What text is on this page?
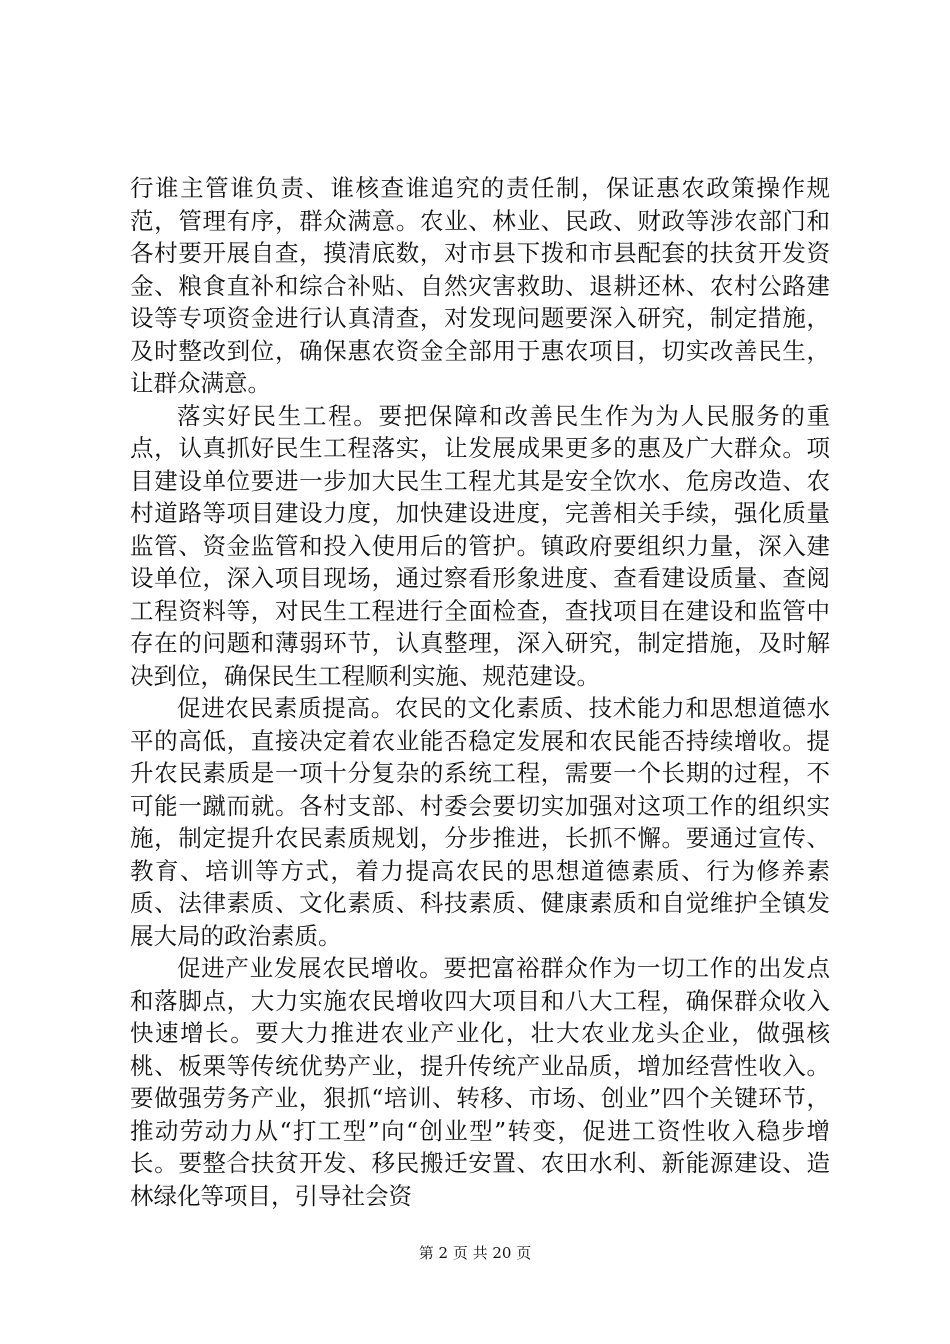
行谁主管谁负责、谁核查谁追究的责任制，保证惠农政策操作规范，管理有序，群众满意。农业、林业、民政、财政等涉农部门和各村要开展自查，摸清底数，对市县下拨和市县配套的扶贫开发资金、粮食直补和综合补贴、自然灾害救助、退耕还林、农村公路建设等专项资金进行认真清查，对发现问题要深入研究，制定措施，及时整改到位，确保惠农资金全部用于惠农项目，切实改善民生，让群众满意。

落实好民生工程。要把保障和改善民生作为为人民服务的重点，认真抓好民生工程落实，让发展成果更多的惠及广大群众。项目建设单位要进一步加大民生工程尤其是安全饮水、危房改造、农村道路等项目建设力度，加快建设进度，完善相关手续，强化质量监管、资金监管和投入使用后的管护。镇政府要组织力量，深入建设单位，深入项目现场，通过察看形象进度、查看建设质量、查阅工程资料等，对民生工程进行全面检查，查找项目在建设和监管中存在的问题和薄弱环节，认真整理，深入研究，制定措施，及时解决到位，确保民生工程顺利实施、规范建设。

促进农民素质提高。农民的文化素质、技术能力和思想道德水平的高低，直接决定着农业能否稳定发展和农民能否持续增收。提升农民素质是一项十分复杂的系统工程，需要一个长期的过程，不可能一蹴而就。各村支部、村委会要切实加强对这项工作的组织实施，制定提升农民素质规划，分步推进，长抓不懈。要通过宣传、教育、培训等方式，着力提高农民的思想道德素质、行为修养素质、法律素质、文化素质、科技素质、健康素质和自觉维护全镇发展大局的政治素质。

促进产业发展农民增收。要把富裕群众作为一切工作的出发点和落脚点，大力实施农民增收四大项目和八大工程，确保群众收入快速增长。要大力推进农业产业化，壮大农业龙头企业，做强核桃、板栗等传统优势产业，提升传统产业品质，增加经营性收入。要做强劳务产业，狠抓“培训、转移、市场、创业”四个关键环节，推动劳动力从“打工型”向“创业型”转变，促进工资性收入稳步增长。要整合扶贫开发、移民搬迁安置、农田水利、新能源建设、造林绿化等项目，引导社会资

第 2 页 共 20 页
